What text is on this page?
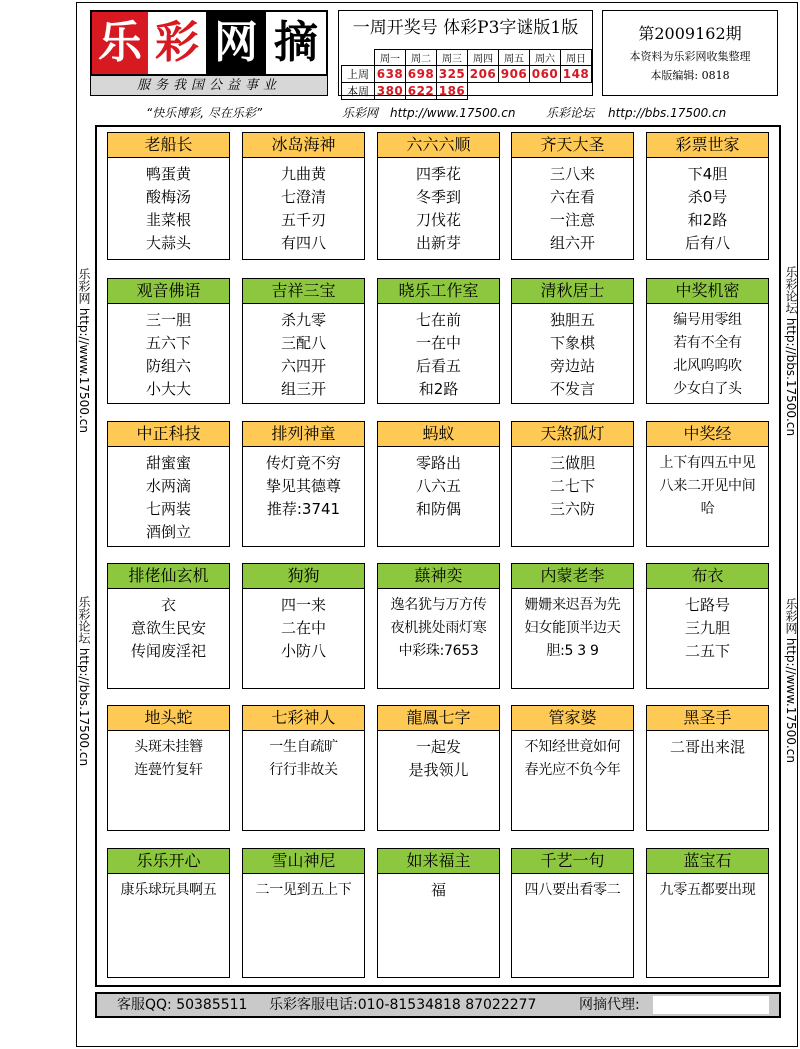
乐 彩 网 摘
服务我国公益事业
一周开奖号 体彩P3字谜版1版
	周一	周二	周三	周四	周五	周六	周日
上周	638	698	325	206	906	060	148
本周	380	622	186				
第2009162期
本资料为乐彩网收集整理
本版编辑: 0818
“快乐博彩, 尽在乐彩”	乐彩网 http://www.17500.cn	乐彩论坛 http://bbs.17500.cn
乐彩网 http://www.17500.cn
乐彩论坛 http://bbs.17500.cn
乐彩论坛 http://bbs.17500.cn
乐彩网 http://www.17500.cn
老船长
鸭蛋黄
酸梅汤
韭菜根
大蒜头
冰岛海神
九曲黄
七澄清
五千刃
有四八
六六六顺
四季花
冬季到
刀伐花
出新芽
齐天大圣
三八来
六在看
一注意
组六开
彩票世家
下4胆
杀0号
和2路
后有八
观音佛语
三一胆
五六下
防组六
小大大
吉祥三宝
杀九零
三配八
六四开
组三开
晓乐工作室
七在前
一在中
后看五
和2路
清秋居士
独胆五
下象棋
旁边站
不发言
中奖机密
编号用零组
若有不全有
北风呜呜吹
少女白了头
中正科技
甜蜜蜜
水两滴
七两装
酒倒立
排列神童
传灯竟不穷
挚见其德尊
推荐:3741
蚂蚁
零路出
八六五
和防偶
天煞孤灯
三做胆
二七下
三六防
中奖经
上下有四五中见
八来二开见中间
哈
排佬仙玄机
衣
意欲生民安
传闻废淫祀
狗狗
四一来
二在中
小防八
蕻神奕
逸名犹与万方传
夜机挑处雨灯寒
中彩珠:7653
内蒙老李
姗姗来迟吾为先
妇女能顶半边天
胆:5 3 9
布衣
七路号
三九胆
二五下
地头蛇
头斑未挂簪
连甍竹复轩
七彩神人
一生自疏旷
行行非故关
龍鳳七字
一起发
是我领儿
管家婆
不知经世竟如何
春光应不负今年
黑圣手
二哥出来混
乐乐开心
康乐球玩具啊五
雪山神尼
二一见到五上下
如来福主
福
千艺一句
四八要出看零二
蓝宝石
九零五都要出现
客服QQ: 50385511 乐彩客服电话:010-81534818 87022277	网摘代理:
